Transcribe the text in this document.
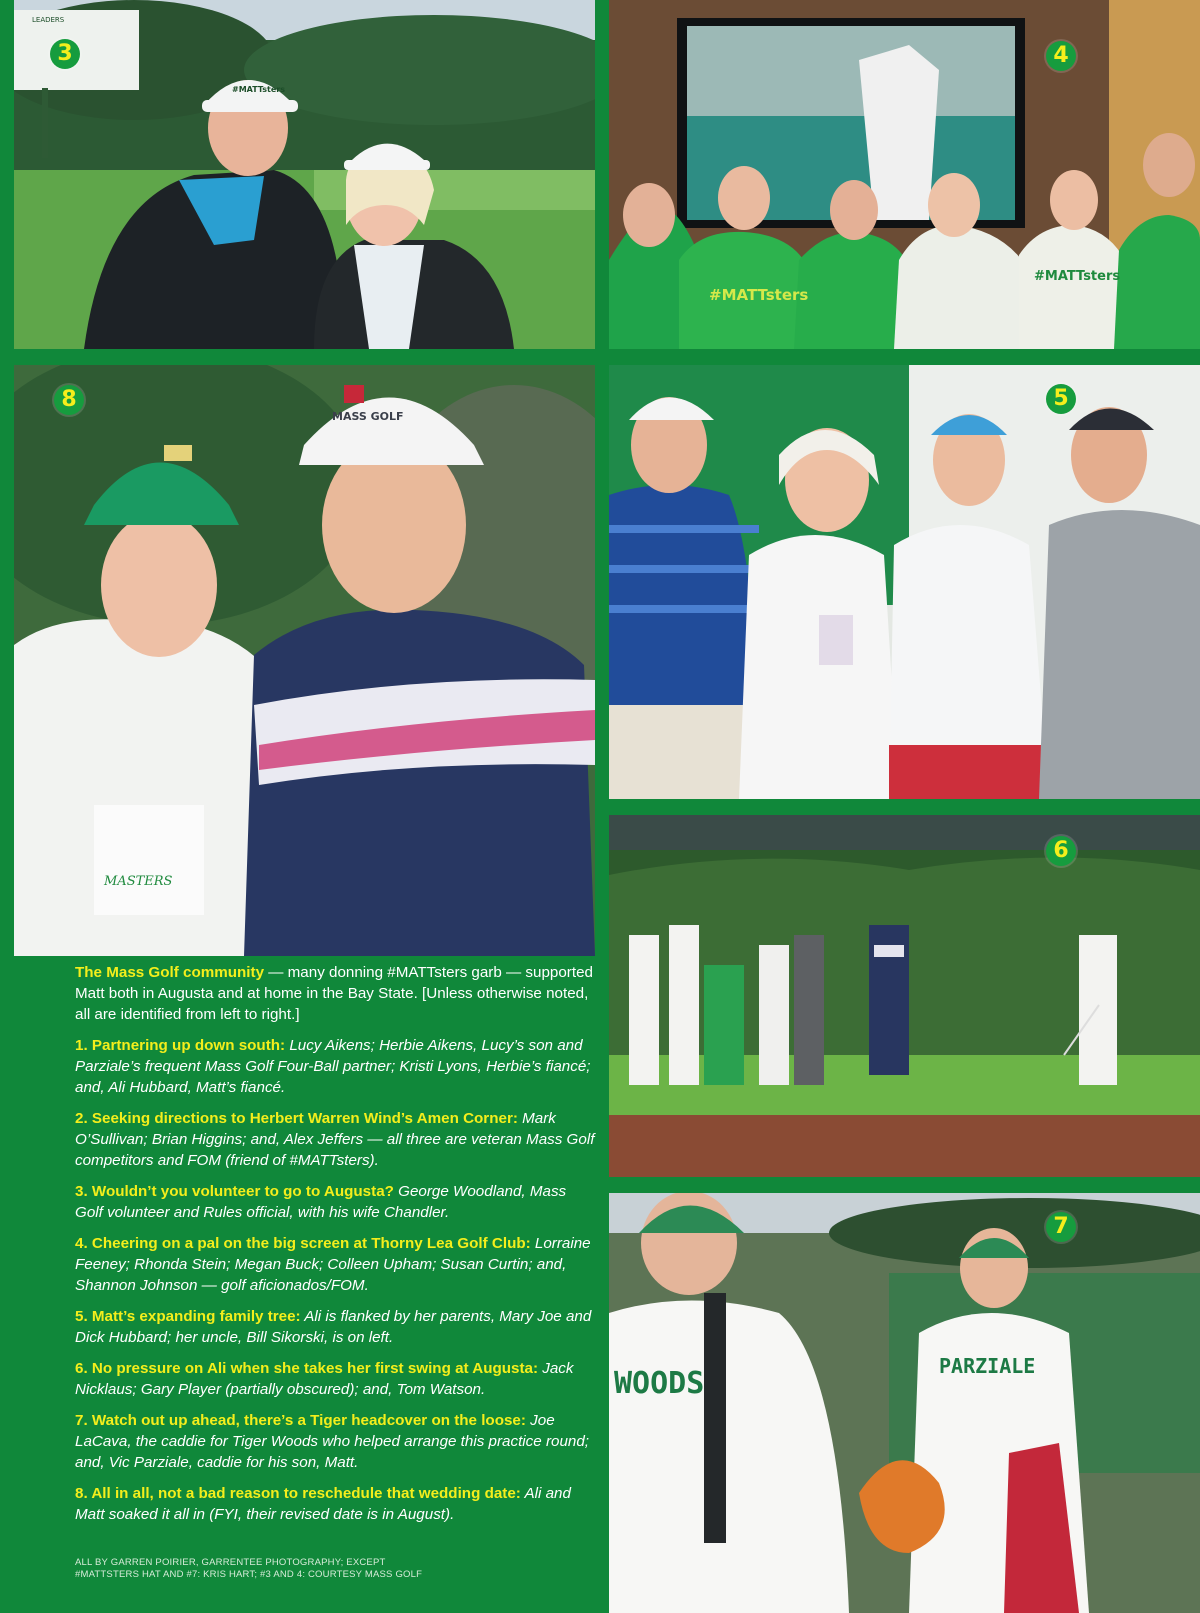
LEADERS
#MATTsters
3
#MATTsters
#MATTsters
4
MASTERS
MASS GOLF
8	5
6
WOODS	PARZIALE
7

The Mass Golf community — many donning #MATTsters garb — supported Matt both in Augusta and at home in the Bay State. [Unless otherwise noted, all are identified from left to right.]

1. Partnering up down south: Lucy Aikens; Herbie Aikens, Lucy’s son and Parziale’s frequent Mass Golf Four-Ball partner; Kristi Lyons, Herbie’s fiancé; and, Ali Hubbard, Matt’s fiancé.

2. Seeking directions to Herbert Warren Wind’s Amen Corner: Mark O’Sullivan; Brian Higgins; and, Alex Jeffers — all three are veteran Mass Golf competitors and FOM (friend of #MATTsters).

3. Wouldn’t you volunteer to go to Augusta? George Woodland, Mass Golf volunteer and Rules official, with his wife Chandler.

4. Cheering on a pal on the big screen at Thorny Lea Golf Club: Lorraine Feeney; Rhonda Stein; Megan Buck; Colleen Upham; Susan Curtin; and, Shannon Johnson — golf aficionados/FOM.

5. Matt’s expanding family tree: Ali is flanked by her parents, Mary Joe and Dick Hubbard; her uncle, Bill Sikorski, is on left.

6. No pressure on Ali when she takes her first swing at Augusta: Jack Nicklaus; Gary Player (partially obscured); and, Tom Watson.

7. Watch out up ahead, there’s a Tiger headcover on the loose: Joe LaCava, the caddie for Tiger Woods who helped arrange this practice round; and, Vic Parziale, caddie for his son, Matt.

8. All in all, not a bad reason to reschedule that wedding date: Ali and Matt soaked it all in (FYI, their revised date is in August).

ALL BY GARREN POIRIER, GARRENTEE PHOTOGRAPHY; EXCEPT
#MATTSTERS HAT AND #7: KRIS HART; #3 AND 4: COURTESY MASS GOLF
